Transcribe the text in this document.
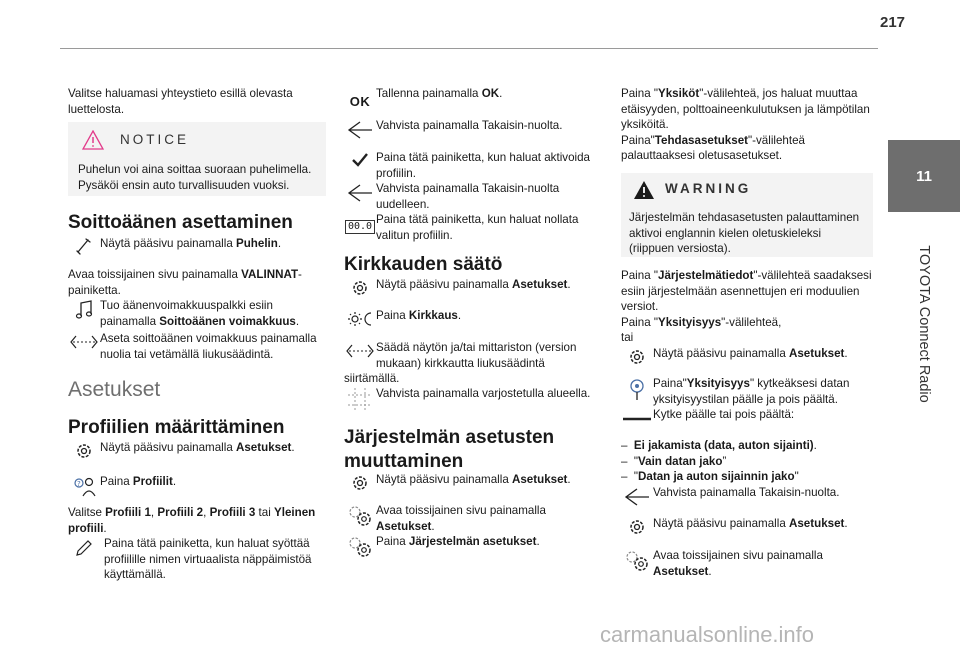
217
11
TOYOTA Connect Radio
Valitse haluamasi yhteystieto esillä olevasta luettelosta.
NOTICE
Puhelun voi aina soittaa suoraan puhelimella. Pysäköi ensin auto turvallisuuden vuoksi.
Soittoäänen asettaminen
Näytä pääsivu painamalla Puhelin.
Avaa toissijainen sivu painamalla VALINNAT-painiketta.
Tuo äänenvoimakkuuspalkki esiin painamalla Soittoäänen voimakkuus.
Aseta soittoäänen voimakkuus painamalla nuolia tai vetämällä liukusäädintä.
Asetukset
Profiilien määrittäminen
Näytä pääsivu painamalla Asetukset.
? Paina Profiilit.
Valitse Profiili 1, Profiili 2, Profiili 3 tai Yleinen profiili.
Paina tätä painiketta, kun haluat syöttää profiilille nimen virtuaalista näppäimistöä käyttämällä.
OK
Tallenna painamalla OK.
Vahvista painamalla Takaisin-nuolta.
Paina tätä painiketta, kun haluat aktivoida profiilin.
Vahvista painamalla Takaisin-nuolta uudelleen.
00.0
Paina tätä painiketta, kun haluat nollata valitun profiilin.
Kirkkauden säätö
Näytä pääsivu painamalla Asetukset.
Paina Kirkkaus.
Säädä näytön ja/tai mittariston (version mukaan) kirkkautta liukusäädintä
siirtämällä.
Vahvista painamalla varjostetulla alueella.
Järjestelmän asetusten
muuttaminen
Näytä pääsivu painamalla Asetukset.
Avaa toissijainen sivu painamalla Asetukset.
Paina Järjestelmän asetukset.
Paina "Yksiköt"-välilehteä, jos haluat muuttaa etäisyyden, polttoaineenkulutuksen ja lämpötilan yksiköitä.
Paina"Tehdasasetukset"-välilehteä palauttaaksesi oletusasetukset.
WARNING
Järjestelmän tehdasasetusten palauttaminen aktivoi englannin kielen oletuskieleksi (riippuen versiosta).
Paina "Järjestelmätiedot"-välilehteä saadaksesi esiin järjestelmään asennettujen eri moduulien versiot.
Paina "Yksityisyys"-välilehteä,
tai
Näytä pääsivu painamalla Asetukset.
Paina"Yksityisyys" kytkeäksesi datan yksityisyystilan päälle ja pois päältä.
Kytke päälle tai pois päältä:
– Ei jakamista (data, auton sijainti).
– "Vain datan jako”
– "Datan ja auton sijainnin jako"
Vahvista painamalla Takaisin-nuolta.
Näytä pääsivu painamalla Asetukset.
Avaa toissijainen sivu painamalla Asetukset.
carmanualsonline.info
